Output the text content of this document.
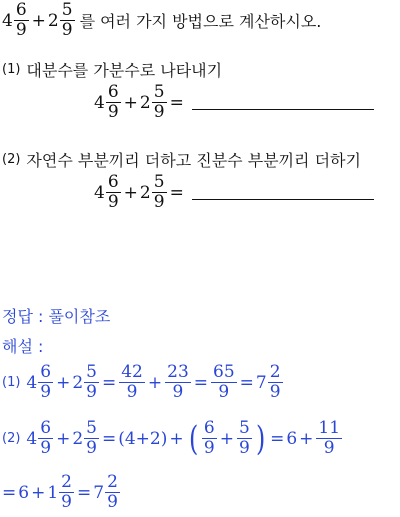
$4 \frac{6}{9} + 2 \frac{5}{9}$ 를 여러 가지 방법으로 계산하시오.
(1) 대분수를 가분수로 나타내기
$4 \frac{6}{9} + 2 \frac{5}{9}$ =
(2) 자연수 부분끼리 더하고 진분수 부분끼리 더하기
$4 \frac{6}{9} + 2 \frac{5}{9}$ =
정답 : 풀이참조
해설 :
(1) $4 \frac{6}{9} + 2 \frac{5}{9} = \frac{42}{9} + \frac{23}{9} = \frac{65}{9} = 7 \frac{2}{9}$
(2) $4 \frac{6}{9} + 2 \frac{5}{9} = (4+2)$ + ( $\frac{6}{9} + \frac{5}{9}$ ) = $6 + \frac{11}{9}$
= $6 + 1 \frac{2}{9} = 7 \frac{2}{9}$
